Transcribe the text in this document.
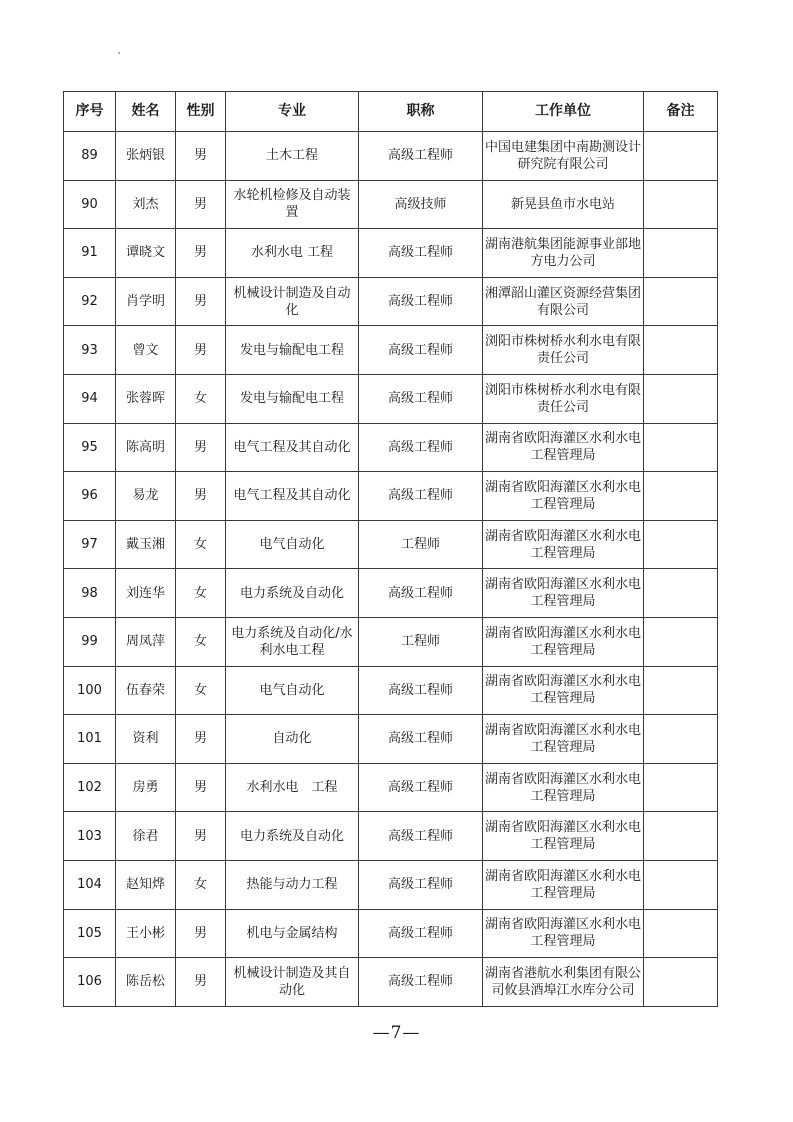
序号	姓名	性别	专业	职称	工作单位	备注
89	张炳银	男	土木工程	高级工程师	中国电建集团中南勘测设计研究院有限公司	
90	刘杰	男	水轮机检修及自动装置	高级技师	新晃县鱼市水电站	
91	谭晓文	男	水利水电 工程	高级工程师	湖南港航集团能源事业部地方电力公司	
92	肖学明	男	机械设计制造及自动化	高级工程师	湘潭韶山灌区资源经营集团有限公司	
93	曾文	男	发电与输配电工程	高级工程师	浏阳市株树桥水利水电有限责任公司	
94	张蓉晖	女	发电与输配电工程	高级工程师	浏阳市株树桥水利水电有限责任公司	
95	陈高明	男	电气工程及其自动化	高级工程师	湖南省欧阳海灌区水利水电工程管理局	
96	易龙	男	电气工程及其自动化	高级工程师	湖南省欧阳海灌区水利水电工程管理局	
97	戴玉湘	女	电气自动化	工程师	湖南省欧阳海灌区水利水电工程管理局	
98	刘连华	女	电力系统及自动化	高级工程师	湖南省欧阳海灌区水利水电工程管理局	
99	周凤萍	女	电力系统及自动化/水利水电工程	工程师	湖南省欧阳海灌区水利水电工程管理局	
100	伍春荣	女	电气自动化	高级工程师	湖南省欧阳海灌区水利水电工程管理局	
101	资利	男	自动化	高级工程师	湖南省欧阳海灌区水利水电工程管理局	
102	房勇	男	水利水电　工程	高级工程师	湖南省欧阳海灌区水利水电工程管理局	
103	徐君	男	电力系统及自动化	高级工程师	湖南省欧阳海灌区水利水电工程管理局	
104	赵知烨	女	热能与动力工程	高级工程师	湖南省欧阳海灌区水利水电工程管理局	
105	王小彬	男	机电与金属结构	高级工程师	湖南省欧阳海灌区水利水电工程管理局	
106	陈岳松	男	机械设计制造及其自动化	高级工程师	湖南省港航水利集团有限公司攸县酒埠江水库分公司	
—7—
